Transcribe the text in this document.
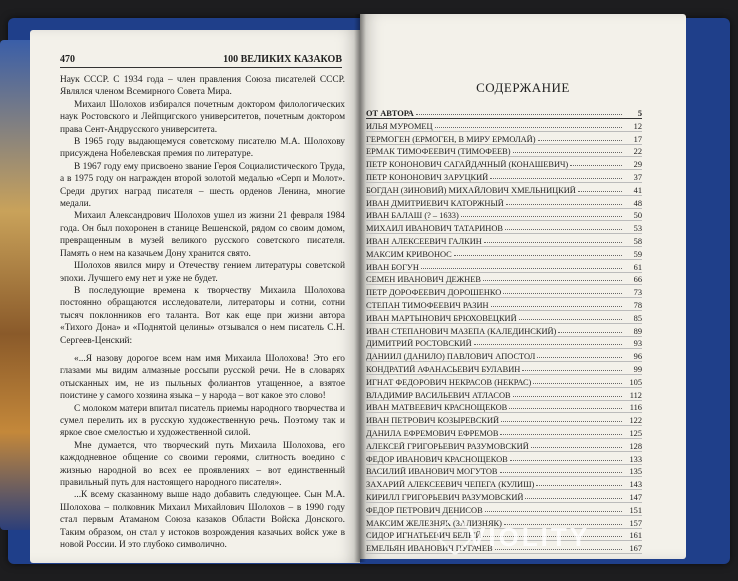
470	100 ВЕЛИКИХ КАЗАКОВ

Наук СССР. С 1934 года – член правления Союза писателей СССР. Являлся членом Всемирного Совета Мира.

Михаил Шолохов избирался почетным доктором филологических наук Ростовского и Лейпцигского университетов, почетным доктором права Сент-Андрусского университета.

В 1965 году выдающемуся советскому писателю М.А. Шолохову присуждена Нобелевская премия по литературе.

В 1967 году ему присвоено звание Героя Социалистического Труда, а в 1975 году он награжден второй золотой медалью «Серп и Молот». Среди других наград писателя – шесть орденов Ленина, многие медали.

Михаил Александрович Шолохов ушел из жизни 21 февраля 1984 года. Он был похоронен в станице Вешенской, рядом со своим домом, превращенным в музей великого русского советского писателя. Память о нем на казачьем Дону хранится свято.

Шолохов явился миру и Отечеству гением литературы советской эпохи. Лучшего ему нет и уже не будет.

В последующие времена к творчеству Михаила Шолохова постоянно обращаются исследователи, литераторы и сотни, сотни тысяч поклонников его таланта. Вот как еще при жизни автора «Тихого Дона» и «Поднятой целины» отзывался о нем писатель С.Н. Сергеев-Ценский:

«...Я назову дорогое всем нам имя Михаила Шолохова! Это его глазами мы видим алмазные россыпи русской речи. Не в словарях отысканных им, не из пыльных фолиантов утащенное, а взятое поистине у самого хозяина языка – у народа – вот какое это слово!

С молоком матери впитал писатель приемы народного творчества и сумел перелить их в русскую художественную речь. Поэтому так и яркое свое смелостью и художественной силой.

Мне думается, что творческий путь Михаила Шолохова, его каждодневное общение со своими героями, слитность воедино с жизнью народной во всех ее проявлениях – вот единственный правильный путь для настоящего народного писателя».

...К всему сказанному выше надо добавить следующее. Сын М.А. Шолохова – полковник Михаил Михайлович Шолохов – в 1990 году стал первым Атаманом Союза казаков Области Войска Донского. Таким образом, он стал у истоков возрождения казачьих войск уже в новой России. И это глубоко символично.

СОДЕРЖАНИЕ
ОТ АВТОРА	5
ИЛЬЯ МУРОМЕЦ	12
ГЕРМОГЕН (ЕРМОГЕН, В МИРУ ЕРМОЛАЙ)	17
ЕРМАК ТИМОФЕЕВИЧ (ТИМОФЕЕВ)	22
ПЕТР КОНОНОВИЧ САГАЙДАЧНЫЙ (КОНАШЕВИЧ)	29
ПЕТР КОНОНОВИЧ ЗАРУЦКИЙ	37
БОГДАН (ЗИНОВИЙ) МИХАЙЛОВИЧ ХМЕЛЬНИЦКИЙ	41
ИВАН ДМИТРИЕВИЧ КАТОРЖНЫЙ	48
ИВАН БАЛАШ (? – 1633)	50
МИХАИЛ ИВАНОВИЧ ТАТАРИНОВ	53
ИВАН АЛЕКСЕЕВИЧ ГАЛКИН	58
МАКСИМ КРИВОНОС	59
ИВАН БОГУН	61
СЕМЕН ИВАНОВИЧ ДЕЖНЕВ	66
ПЕТР ДОРОФЕЕВИЧ ДОРОШЕНКО	73
СТЕПАН ТИМОФЕЕВИЧ РАЗИН	78
ИВАН МАРТЫНОВИЧ БРЮХОВЕЦКИЙ	85
ИВАН СТЕПАНОВИЧ МАЗЕПА (КАЛЕДИНСКИЙ)	89
ДИМИТРИЙ РОСТОВСКИЙ	93
ДАНИИЛ (ДАНИЛО) ПАВЛОВИЧ АПОСТОЛ	96
КОНДРАТИЙ АФАНАСЬЕВИЧ БУЛАВИН	99
ИГНАТ ФЕДОРОВИЧ НЕКРАСОВ (НЕКРАС)	105
ВЛАДИМИР ВАСИЛЬЕВИЧ АТЛАСОВ	112
ИВАН МАТВЕЕВИЧ КРАСНОЩЕКОВ	116
ИВАН ПЕТРОВИЧ КОЗЫРЕВСКИЙ	122
ДАНИЛА ЕФРЕМОВИЧ ЕФРЕМОВ	125
АЛЕКСЕЙ ГРИГОРЬЕВИЧ РАЗУМОВСКИЙ	128
ФЕДОР ИВАНОВИЧ КРАСНОЩЕКОВ	133
ВАСИЛИЙ ИВАНОВИЧ МОГУТОВ	135
ЗАХАРИЙ АЛЕКСЕЕВИЧ ЧЕПЕГА (КУЛИШ)	143
КИРИЛЛ ГРИГОРЬЕВИЧ РАЗУМОВСКИЙ	147
ФЕДОР ПЕТРОВИЧ ДЕНИСОВ	151
МАКСИМ ЖЕЛЕЗНЯК (ЗАЛИЗНЯК)	157
СИДОР ИГНАТЬЕВИЧ БЕЛЫЙ	161
ЕМЕЛЬЯН ИВАНОВИЧ ПУГАЧЕВ	167
VIOLITY
